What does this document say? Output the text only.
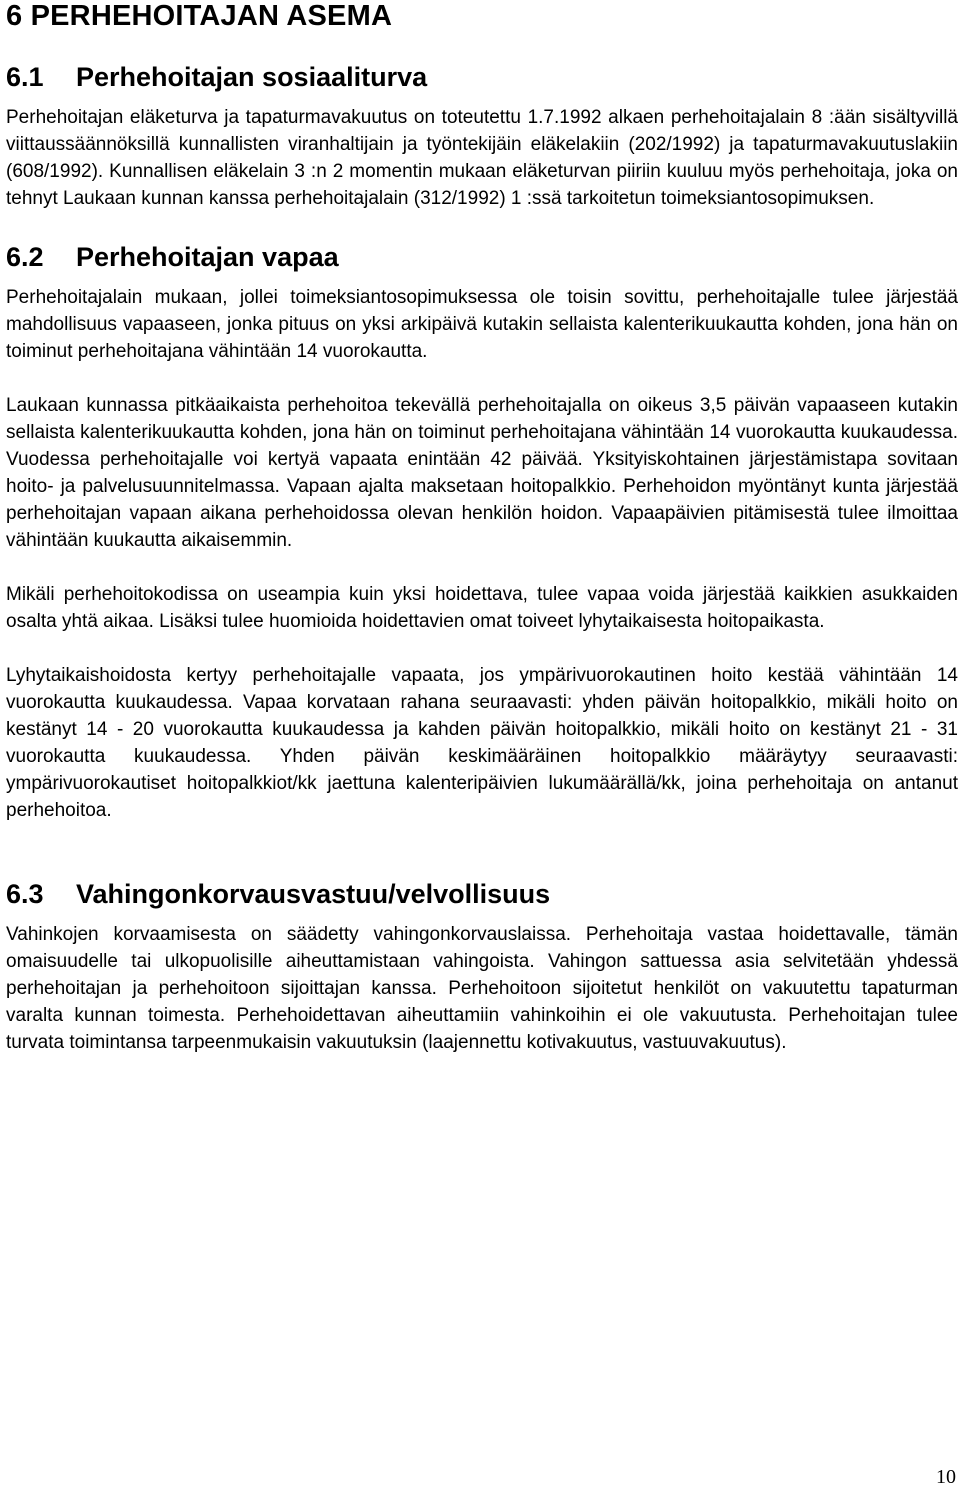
6 PERHEHOITAJAN ASEMA
6.1 Perhehoitajan sosiaaliturva

Perhehoitajan eläketurva ja tapaturmavakuutus on toteutettu 1.7.1992 alkaen perhehoitajalain 8 :ään sisältyvillä viittaussäännöksillä kunnallisten viranhaltijain ja työntekijäin eläkelakiin (202/1992) ja tapaturmavakuutuslakiin (608/1992). Kunnallisen eläkelain 3 :n 2 momentin mukaan eläketurvan piiriin kuuluu myös perhehoitaja, joka on tehnyt Laukaan kunnan kanssa perhehoitajalain (312/1992) 1 :ssä tarkoitetun toimeksiantosopimuksen.

6.2 Perhehoitajan vapaa

Perhehoitajalain mukaan, jollei toimeksiantosopimuksessa ole toisin sovittu, perhehoitajalle tulee järjestää mahdollisuus vapaaseen, jonka pituus on yksi arkipäivä kutakin sellaista kalenterikuukautta kohden, jona hän on toiminut perhehoitajana vähintään 14 vuorokautta.

Laukaan kunnassa pitkäaikaista perhehoitoa tekevällä perhehoitajalla on oikeus 3,5 päivän vapaaseen kutakin sellaista kalenterikuukautta kohden, jona hän on toiminut perhehoitajana vähintään 14 vuorokautta kuukaudessa. Vuodessa perhehoitajalle voi kertyä vapaata enintään 42 päivää. Yksityiskohtainen järjestämistapa sovitaan hoito- ja palvelusuunnitelmassa. Vapaan ajalta maksetaan hoitopalkkio. Perhehoidon myöntänyt kunta järjestää perhehoitajan vapaan aikana perhehoidossa olevan henkilön hoidon. Vapaapäivien pitämisestä tulee ilmoittaa vähintään kuukautta aikaisemmin.

Mikäli perhehoitokodissa on useampia kuin yksi hoidettava, tulee vapaa voida järjestää kaikkien asukkaiden osalta yhtä aikaa. Lisäksi tulee huomioida hoidettavien omat toiveet lyhytaikaisesta hoitopaikasta.

Lyhytaikaishoidosta kertyy perhehoitajalle vapaata, jos ympärivuorokautinen hoito kestää vähintään 14 vuorokautta kuukaudessa. Vapaa korvataan rahana seuraavasti: yhden päivän hoitopalkkio, mikäli hoito on kestänyt 14 - 20 vuorokautta kuukaudessa ja kahden päivän hoitopalkkio, mikäli hoito on kestänyt 21 - 31 vuorokautta kuukaudessa. Yhden päivän keskimääräinen hoitopalkkio määräytyy seuraavasti: ympärivuorokautiset hoitopalkkiot/kk jaettuna kalenteripäivien lukumäärällä/kk, joina perhehoitaja on antanut perhehoitoa.

6.3 Vahingonkorvausvastuu/velvollisuus

Vahinkojen korvaamisesta on säädetty vahingonkorvauslaissa. Perhehoitaja vastaa hoidettavalle, tämän omaisuudelle tai ulkopuolisille aiheuttamistaan vahingoista. Vahingon sattuessa asia selvitetään yhdessä perhehoitajan ja perhehoitoon sijoittajan kanssa. Perhehoitoon sijoitetut henkilöt on vakuutettu tapaturman varalta kunnan toimesta. Perhehoidettavan aiheuttamiin vahinkoihin ei ole vakuutusta. Perhehoitajan tulee turvata toimintansa tarpeenmukaisin vakuutuksin (laajennettu kotivakuutus, vastuuvakuutus).

10
